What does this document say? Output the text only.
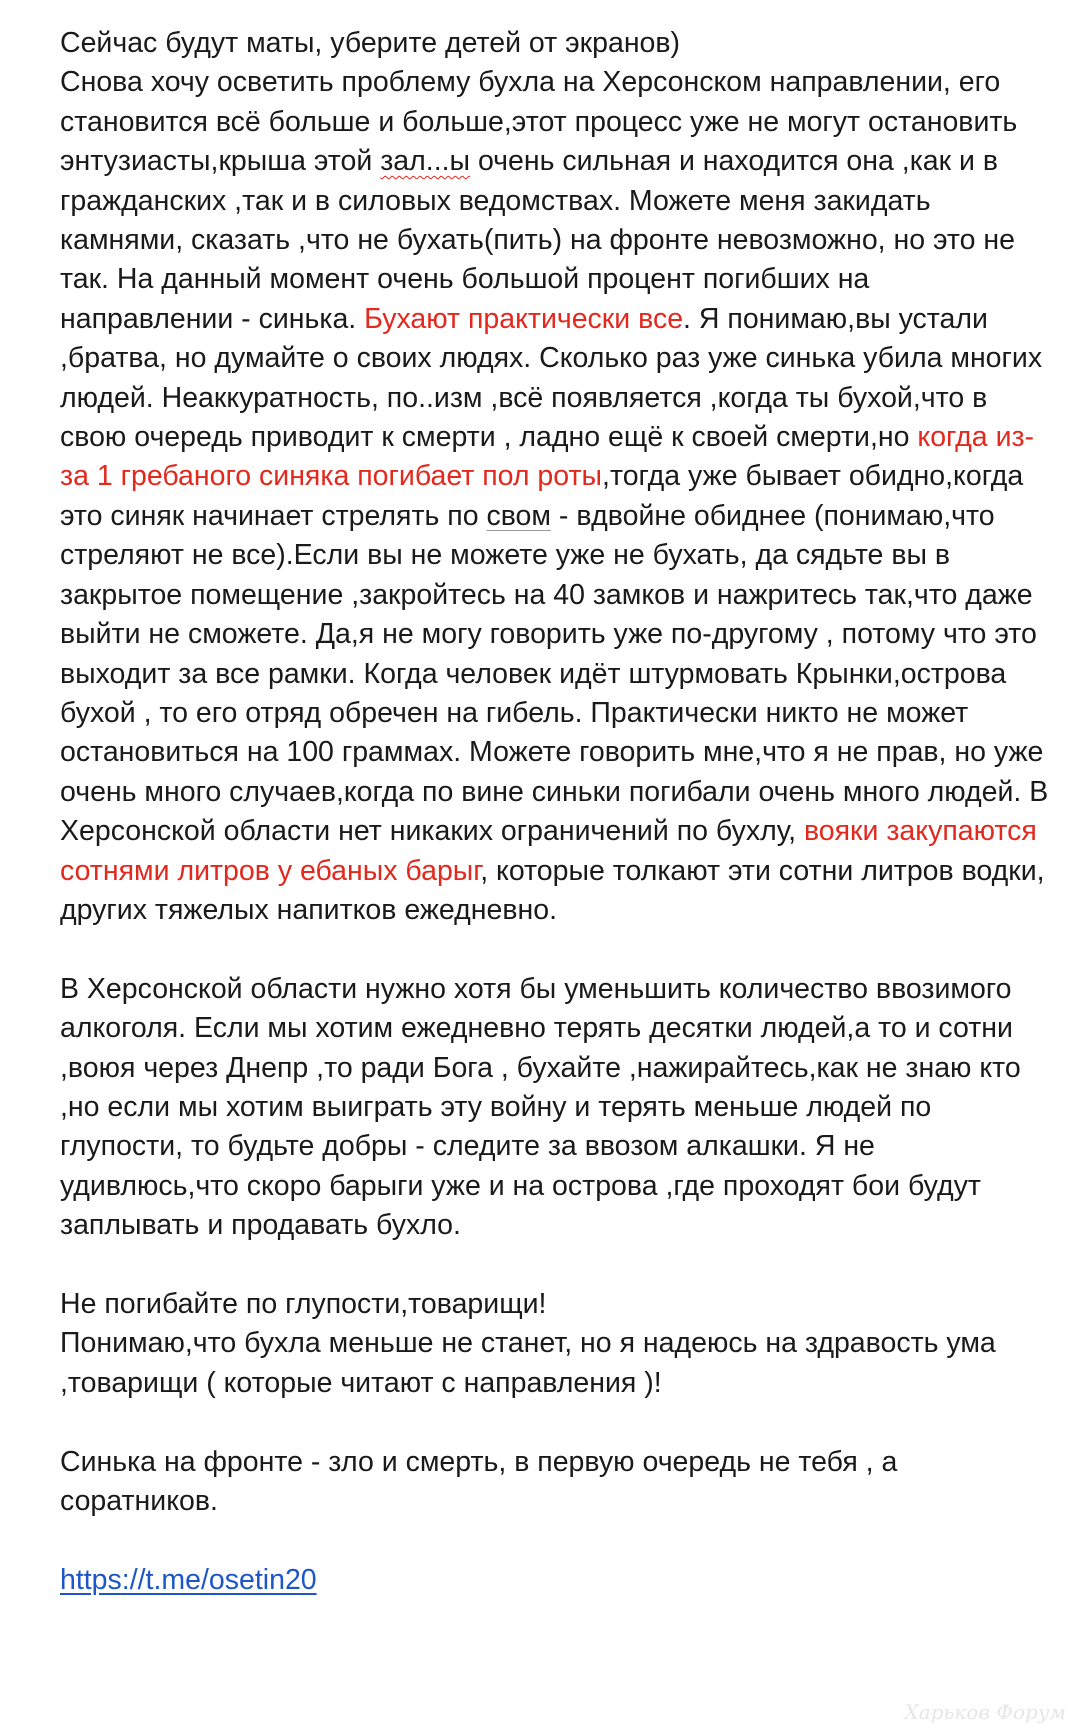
Сейчас будут маты, уберите детей от экранов)
Снова хочу осветить проблему бухла на Херсонском направлении, его становится всё больше и больше,этот процесс уже не могут остановить энтузиасты,крыша этой зал...ы очень сильная и находится она ,как и в гражданских ,так и в силовых ведомствах. Можете меня закидать камнями, сказать ,что не бухать(пить) на фронте невозможно, но это не так. На данный момент очень большой процент погибших на направлении - синька. Бухают практически все. Я понимаю,вы устали ,братва, но думайте о своих людях. Сколько раз уже синька убила многих людей. Неаккуратность, по..изм ,всё появляется ,когда ты бухой,что в свою очередь приводит к смерти , ладно ещё к своей смерти,но когда из-за 1 гребаного синяка погибает пол роты,тогда уже бывает обидно,когда это синяк начинает стрелять по свом - вдвойне обиднее (понимаю,что стреляют не все).Если вы не можете уже не бухать, да сядьте вы в закрытое помещение ,закройтесь на 40 замков и нажритесь так,что даже выйти не сможете. Да,я не могу говорить уже по-другому , потому что это выходит за все рамки. Когда человек идёт штурмовать Крынки,острова бухой , то его отряд обречен на гибель. Практически никто не может остановиться на 100 граммах. Можете говорить мне,что я не прав, но уже очень много случаев,когда по вине синьки погибали очень много людей. В Херсонской области нет никаких ограничений по бухлу, вояки закупаются сотнями литров у ебаных барыг, которые толкают эти сотни литров водки, других тяжелых напитков ежедневно.

В Херсонской области нужно хотя бы уменьшить количество ввозимого алкоголя. Если мы хотим ежедневно терять десятки людей,а то и сотни ,воюя через Днепр ,то ради Бога , бухайте ,нажирайтесь,как не знаю кто ,но если мы хотим выиграть эту войну и терять меньше людей по глупости, то будьте добры - следите за ввозом алкашки. Я не удивлюсь,что скоро барыги уже и на острова ,где проходят бои будут заплывать и продавать бухло.

Не погибайте по глупости,товарищи!
Понимаю,что бухла меньше не станет, но я надеюсь на здравость ума ,товарищи ( которые читают с направления )!

Синька на фронте - зло и смерть, в первую очередь не тебя , а соратников.

https://t.me/osetin20

Харьков Форум
